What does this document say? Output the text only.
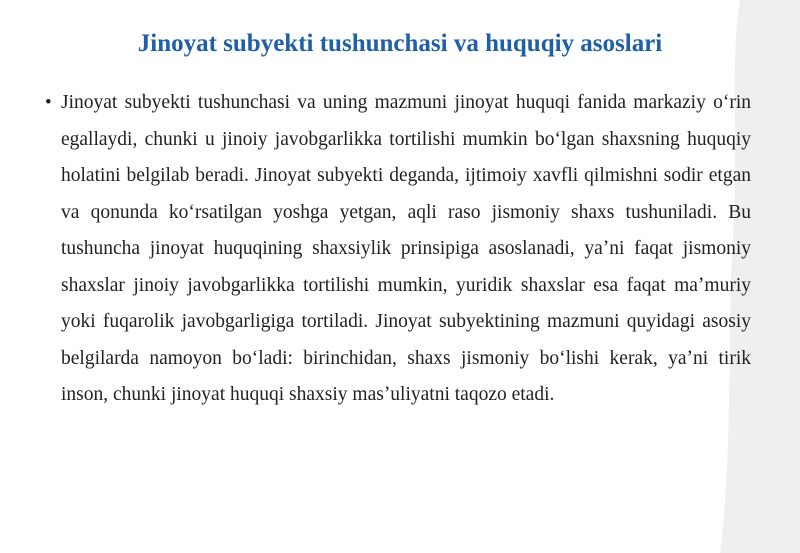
Jinoyat subyekti tushunchasi va huquqiy asoslari
• Jinoyat subyekti tushunchasi va uning mazmuni jinoyat huquqi fanida markaziy oʻrin egallaydi, chunki u jinoiy javobgarlikka tortilishi mumkin boʻlgan shaxsning huquqiy holatini belgilab beradi. Jinoyat subyekti deganda, ijtimoiy xavfli qilmishni sodir etgan va qonunda koʻrsatilgan yoshga yetgan, aqli raso jismoniy shaxs tushuniladi. Bu tushuncha jinoyat huquqining shaxsiylik prinsipiga asoslanadi, yaʼni faqat jismoniy shaxslar jinoiy javobgarlikka tortilishi mumkin, yuridik shaxslar esa faqat maʼmuriy yoki fuqarolik javobgarligiga tortiladi. Jinoyat subyektining mazmuni quyidagi asosiy belgilarda namoyon boʻladi: birinchidan, shaxs jismoniy boʻlishi kerak, yaʼni tirik inson, chunki jinoyat huquqi shaxsiy masʼuliyatni taqozo etadi.
